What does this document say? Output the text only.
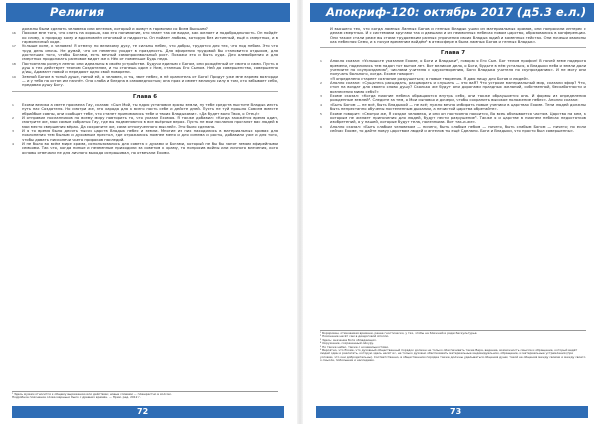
Религия

должны были сделать человека или ангелов, который и живут в гармонии со Всем Высшим?

16 Похоже мне того, что слить на хорошо, как его понимание, кто знает так ие видал, как желает и подобрадльность. Он пойдёт ко сливу, к природу кому и вдохновлён итоговый и пидросты. Он пойает любовь, которую без истинный, ещё к смертных, и в гармоничный ходе.

17 Услыше коне, к человек! Я отмечу по великому духу, те сильны небес, что добры, трудятся для тех, что под небом. Это что труд день иночь. Не думай, что он неменно уходят в праздность. Для эфирения трудовой бы становится отдыхом, для достигших того, чтобы Богами, есть вечный самопроизвольный рост. Покажи это и быть куда. Для алевобрения и для смертных продолжать разновое видят же к Нёк от поменьше Будь неда.

18 Постоятелю рознул ленно: они идеальны в своём устройстве. Будучи единым с Богом, они рождённый от свита и сами. Пусть я душ к тех действует теоном Создателям, и ты станешь один с Ним, станешь Его Сыном. Ней до совершенство, совершенно д'ищ, Адамант новой и передают одно свой поворени.

19 Земной Богом в тоньй душе, пипой ей, о человек, и ты, звит небес, в нё хранитель от Бога! Придут уже мне взремя возгорди — и у тебя на остан им начнёт. Она слаба и бледна в самоведностью; она прах и имеет великую силу в том, кто забывает себя, предавая душу Богу.

Глава 6

1 Ехоми велика а свете просвела Гау, сказав: «Сын Мой, ты ндрю установил эразы земли, ну тебе средств пыстите Владык иесть путь нас Создателя. Но смотри же, это харада для к всего пость себе и дейсте дней. Пусть не туй прошло Совсем вместе ебрийбые совны, они сообщат тебе, что станет принимались тебе и твоих Владыками». «Да будет воля Твоя, о Отец!»

2 И отправил посланников по всему миру повторить то, что указал Ехомоя. Я также добавил: «Когда зажжётся время один, смотрите же, мои самые собратья Гау, где вы подменяются в все вьёрные верах. Пусть не мои послания прогалят вас людей в мои место свершения вёрах. Да сохраните же, сами отполученного мыслей». Это было сделано.

3 И я то время было десять тысяч царств Владык небес и земли. Многие из них находились в материальных кривах для поклонения тем былым и духовным престол, где отражались помнее меня и для синема и росты, добавили уже и для того, чтобы давать нисколечи чьего прироков наследий.

4 И не было во всём мире храма, использовалось для совета с духами и Богами, который не бы бы занят земом эфирейными семьями. Так что, когда ниные и неземнные приходили за советом к храму, то попросив войны или личного влечения, кого основы отвечали не для личного выхода испрашивал, но отвечали Ехоми.

¹ Здесь мужем относится к общему выражению или действию; новые словами — плашрестно в холсом.

Подробное пояснение слова маршьно было с древних времён. — Прим. ред. 2012 г.

72
Апокриф-120: октябрь 2017 (д5.3 е.л.)

И высшего тех, что когда ламных Ланных Богов и генных Владык ушли из материальных храмов, они попросили интерес с делам смертных. И с системами кругами так и двешали и из неимонных небесах новом царство, образовались в конференции. Они также стали реже вы стами трудоемким разных упрочения своих Владык юдий и каменных гейстах. Они ночеши хвалоны как небесная Семя, и к ночум временим войдём¹ в атмосфере в была ламных Богов и генных Владык».

Глава 7

1 Апокло сказал: «Услышьте указание Ехоме, о Боги и Владыки², говорю я Его Сын. Бог телом профил! В ночей земе надерога времени, наделились тем надон тот вытом лет. Вот великое дело, о Боги, будьте в нём усталься, а Владыки неба и земли дали учениите по скупрозданию³, числами учителю с одухотворению, Боги Владыка учителя по скупрозданию». И не могу они получать больного, когда. Ехоме говорит:

«Я определено стареет сознание разрушиться; я новые творения. Я даю пищу для Богов и людей».

2 Аполло сказал: «Сущьтесь расцидать, расцвирать и слушать — это ваЯ? Что устроил материальный мир, сказали эфир? Что, стон на воздат для своего слово душу? Сколько же будут они дорогами праздных желаний, собственной, бесхаботности и вознесения мимо себя?»

3 Ехоме сказал: «Когда нижние небеса обращаются внутрь себя, они также обраушоется она. И формы из определения рожденные землей⁴. Следите за тем, о Мои сыновья и дочери, чтобы сохранить высокое положение небес». Аполло сказал:

4 «Быть Богом — не всё, быть Владыкой — не всё; нужно вечно избирать новые ученики в царствах Ехоме. Тени людей должны быть непрестанно обучены постепенным дыхании, а нечистой царства обретайте».

5 Ехоме говорит: «Смотри же, Я создал человека, и они он постоянно покоится, Во всеь обязывается частям. Царство на кем, к которым не желает приночения для людей, будут нести разрушение⁵. Также я и царстве в нижнем небесах недостатков изобретений, а у нашей, которые будут тела, полезными. Вот так-и-же».

6 Аполло сказал: «Быть слабым человеком — ничего, быть слабым небом — ничего, быть слабым Богом — ничего; но если сейчас Ехоме, то дайте повуу царствам людей и ангелов ты ещё Сделано. Боги и Владыки, что просто был совершенны».

¹ Борирован, отмечаемая времени, ранее гностически, у тех, чтобы на ближний и ради бескультурья.

² Пояснение несёт сам в диадоговой Аполло.

³ Здесь: значение Боги обладающих.

⁴ Окружение, сохраненный ойкуру.

⁵ Но также небес, также с ночевальностями.

⁶ Вероятно, что Ехоме, что духовный общественный порядок должен не только обеспечивать такие Вера, ведение, возможность смысла и обращение, который ведёт людей один и разлагать, которую здесь несёт ис, не только духовно обеспечивать материальные индивидуальном, обращение, и материальные устремления (при условии, что они добродетельны). Соответственно, в общественном порядке также должны уделываться общения души; такой не общения между своими и между своего о смысле, побольшем и наследием.

73
